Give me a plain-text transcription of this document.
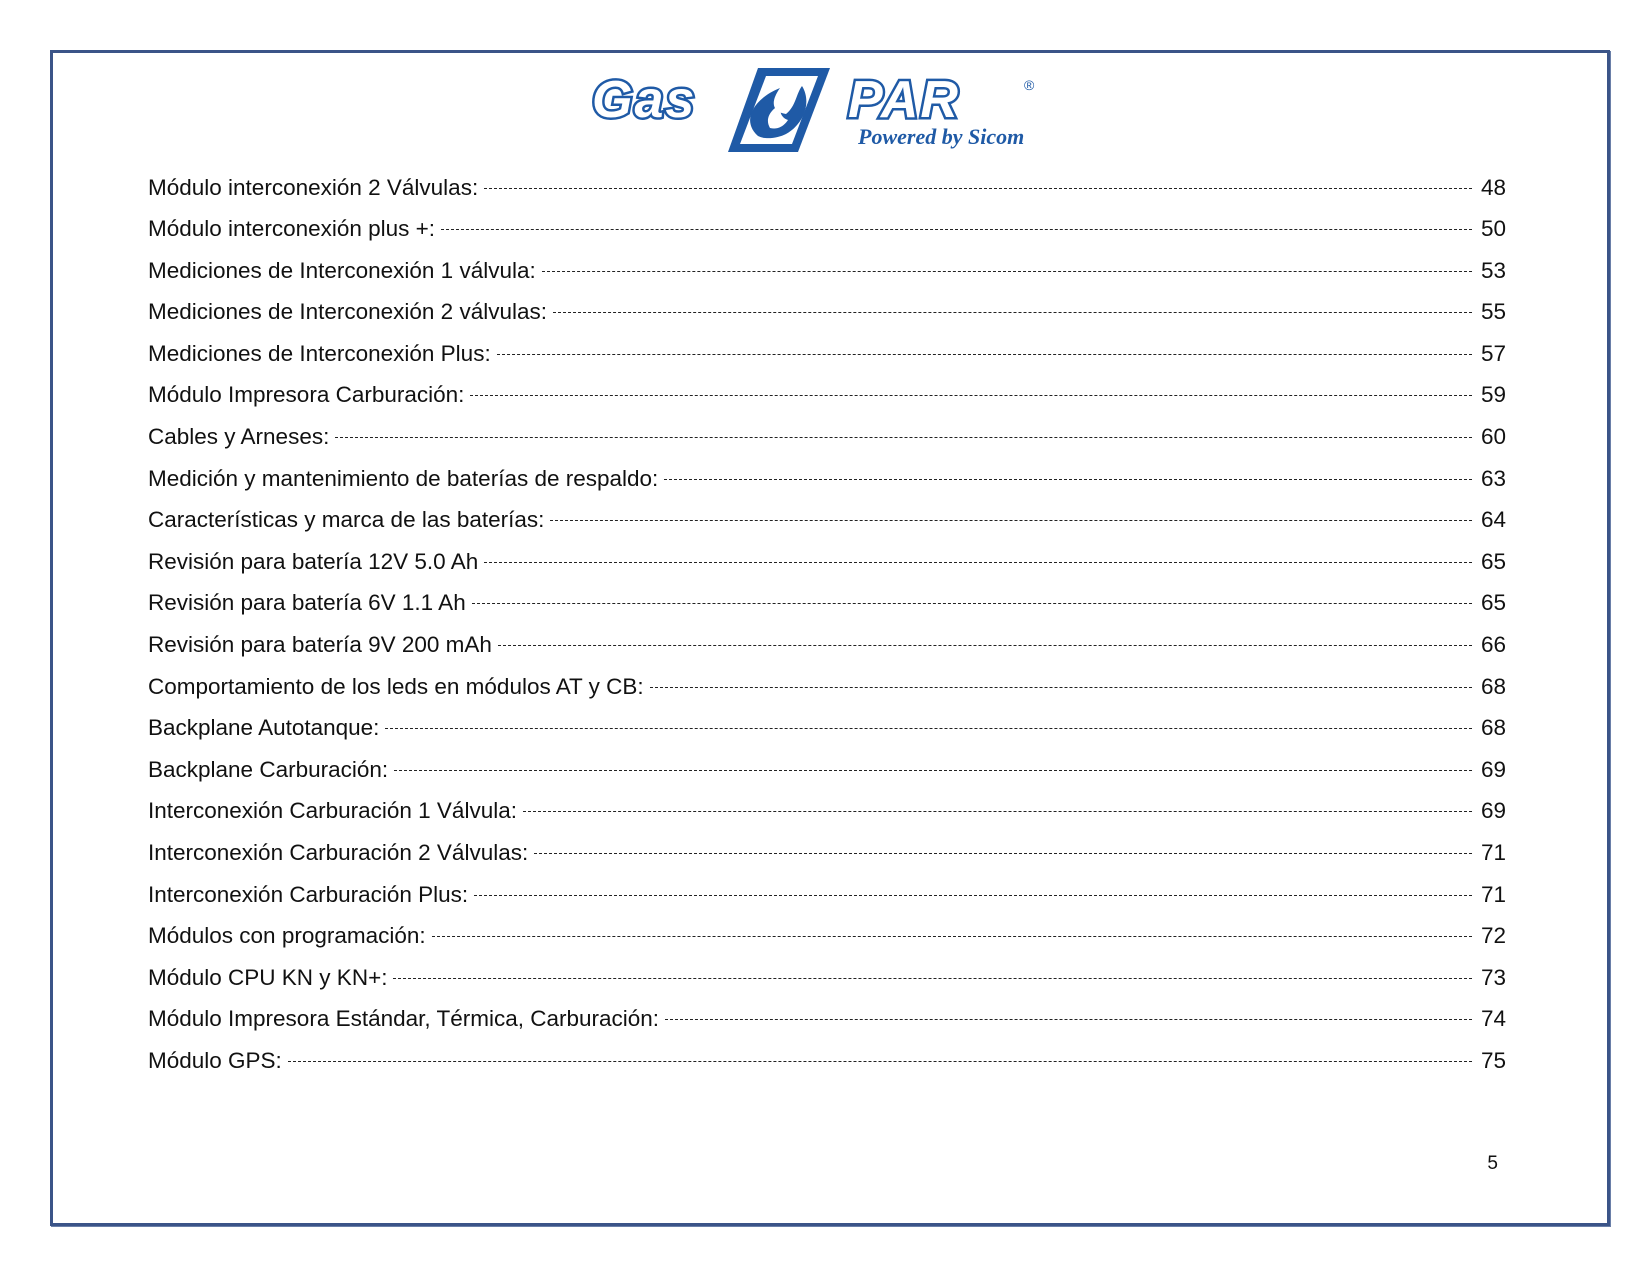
Gas	PAR	®
Powered by Sicom
Módulo interconexión 2 Válvulas:	48
Módulo interconexión plus +:	50
Mediciones de Interconexión 1 válvula:	53
Mediciones de Interconexión 2 válvulas:	55
Mediciones de Interconexión Plus:	57
Módulo Impresora Carburación:	59
Cables y Arneses:	60
Medición y mantenimiento de baterías de respaldo:	63
Características y marca de las baterías:	64
Revisión para batería 12V 5.0 Ah	65
Revisión para batería 6V 1.1 Ah	65
Revisión para batería 9V 200 mAh	66
Comportamiento de los leds en módulos AT y CB:	68
Backplane Autotanque:	68
Backplane Carburación:	69
Interconexión Carburación 1 Válvula:	69
Interconexión Carburación 2 Válvulas:	71
Interconexión Carburación Plus:	71
Módulos con programación:	72
Módulo CPU KN y KN+:	73
Módulo Impresora Estándar, Térmica, Carburación:	74
Módulo GPS:	75
5
